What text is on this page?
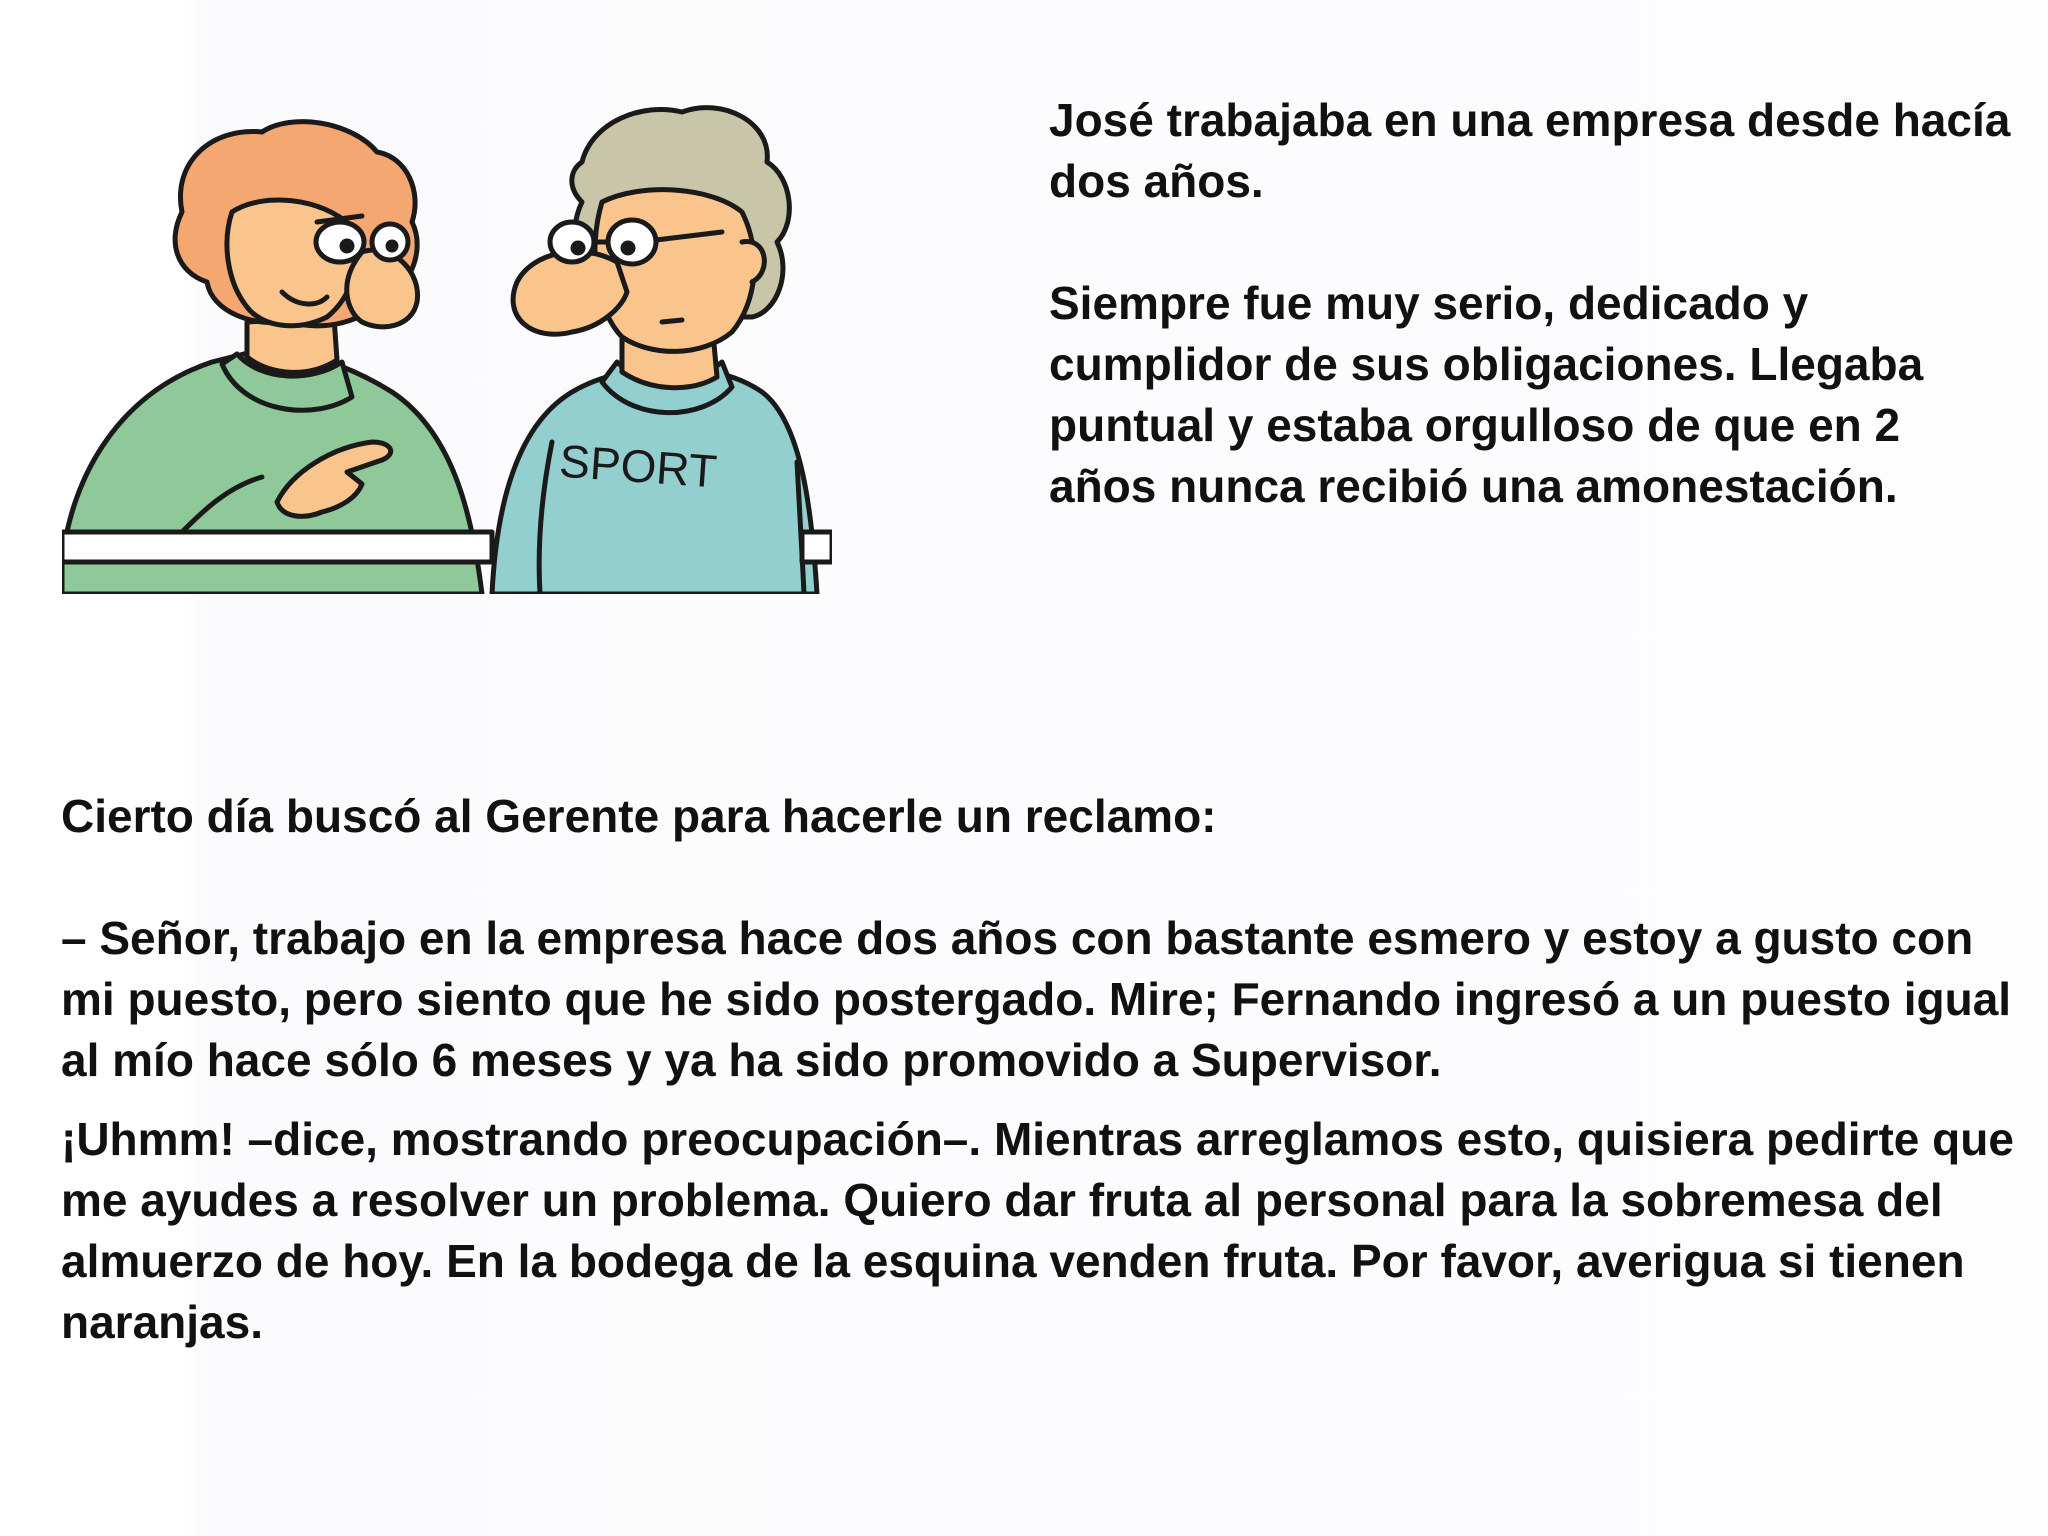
SPORT

José trabajaba en una empresa desde hacía dos años.

Siempre fue muy serio, dedicado y cumplidor de sus obligaciones. Llegaba puntual y estaba orgulloso de que en 2 años nunca recibió una amonestación.

Cierto día buscó al Gerente para hacerle un reclamo:

– Señor, trabajo en la empresa hace dos años con bastante esmero y estoy a gusto con mi puesto, pero siento que he sido postergado. Mire; Fernando ingresó a un puesto igual al mío hace sólo 6 meses y ya ha sido promovido a Supervisor.

¡Uhmm! –dice, mostrando preocupación–. Mientras arreglamos esto, quisiera pedirte que me ayudes a resolver un problema. Quiero dar fruta al personal para la sobremesa del almuerzo de hoy. En la bodega de la esquina venden fruta. Por favor, averigua si tienen naranjas.
